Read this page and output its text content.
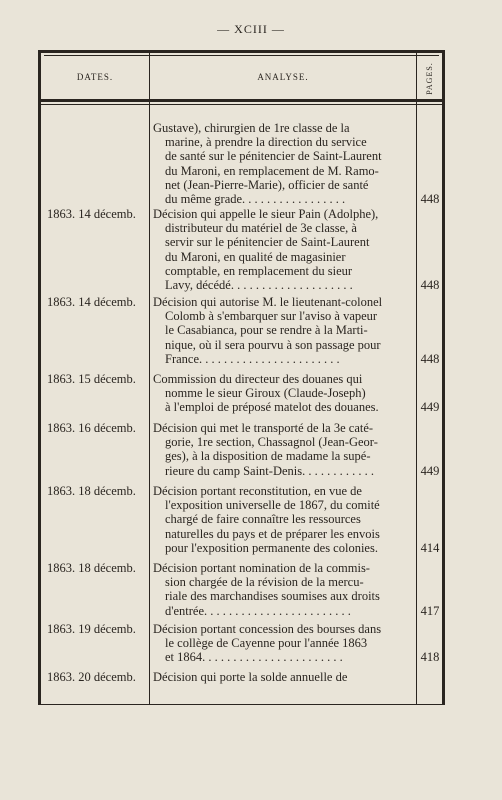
— XCIII —
DATES.	ANALYSE.	PAGES.
Gustave), chirurgien de 1re classe de la
marine, à prendre la direction du service
de santé sur le pénitencier de Saint-Laurent
du Maroni, en remplacement de M. Ramo-
net (Jean-Pierre-Marie), officier de santé
du même grade. . . . . . . . . . . . . . . . .	448
1863. 14 décemb.	Décision qui appelle le sieur Pain (Adolphe),
distributeur du matériel de 3e classe, à
servir sur le pénitencier de Saint-Laurent
du Maroni, en qualité de magasinier
comptable, en remplacement du sieur
Lavy, décédé. . . . . . . . . . . . . . . . . . . .	448
1863. 14 décemb.	Décision qui autorise M. le lieutenant-colonel
Colomb à s'embarquer sur l'aviso à vapeur
le Casabianca, pour se rendre à la Marti-
nique, où il sera pourvu à son passage pour
France. . . . . . . . . . . . . . . . . . . . . . .	448
1863. 15 décemb.	Commission du directeur des douanes qui
nomme le sieur Giroux (Claude-Joseph)
à l'emploi de préposé matelot des douanes.	449
1863. 16 décemb.	Décision qui met le transporté de la 3e caté-
gorie, 1re section, Chassagnol (Jean-Geor-
ges), à la disposition de madame la supé-
rieure du camp Saint-Denis. . . . . . . . . . . .	449
1863. 18 décemb.	Décision portant reconstitution, en vue de
l'exposition universelle de 1867, du comité
chargé de faire connaître les ressources
naturelles du pays et de préparer les envois
pour l'exposition permanente des colonies.	414
1863. 18 décemb.	Décision portant nomination de la commis-
sion chargée de la révision de la mercu-
riale des marchandises soumises aux droits
d'entrée. . . . . . . . . . . . . . . . . . . . . . . .	417
1863. 19 décemb.	Décision portant concession des bourses dans
le collège de Cayenne pour l'année 1863
et 1864. . . . . . . . . . . . . . . . . . . . . . .	418
1863. 20 décemb.	Décision qui porte la solde annuelle de
